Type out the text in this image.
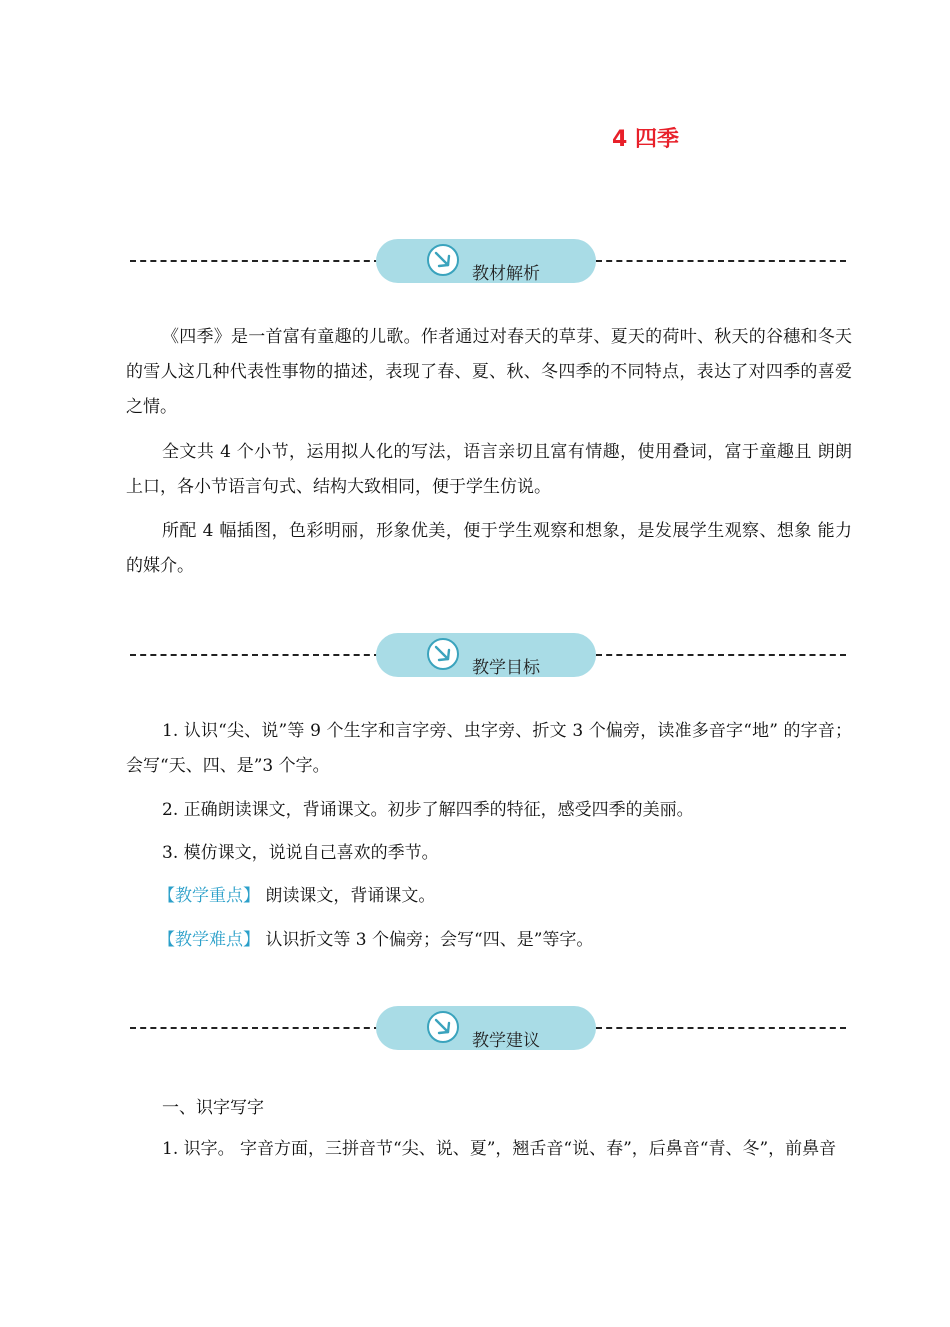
4 四季
教材解析

《四季》是一首富有童趣的儿歌。作者通过对春天的草芽、夏天的荷叶、秋天的谷穗和冬天的雪人这几种代表性事物的描述，表现了春、夏、秋、冬四季的不同特点，表达了对四季的喜爱之情。

全文共 4 个小节，运用拟人化的写法，语言亲切且富有情趣，使用叠词，富于童趣且 朗朗上口，各小节语言句式、结构大致相同，便于学生仿说。

所配 4 幅插图，色彩明丽，形象优美，便于学生观察和想象，是发展学生观察、想象 能力的媒介。

教学目标

1. 认识“尖、说”等 9 个生字和言字旁、虫字旁、折文 3 个偏旁，读准多音字“地” 的字音；会写“天、四、是”3 个字。

2. 正确朗读课文，背诵课文。初步了解四季的特征，感受四季的美丽。

3. 模仿课文，说说自己喜欢的季节。

【教学重点】 朗读课文，背诵课文。

【教学难点】 认识折文等 3 个偏旁；会写“四、是”等字。

教学建议

一、识字写字

1. 识字。 字音方面，三拼音节“尖、说、夏”，翘舌音“说、春”，后鼻音“青、冬”，前鼻音
